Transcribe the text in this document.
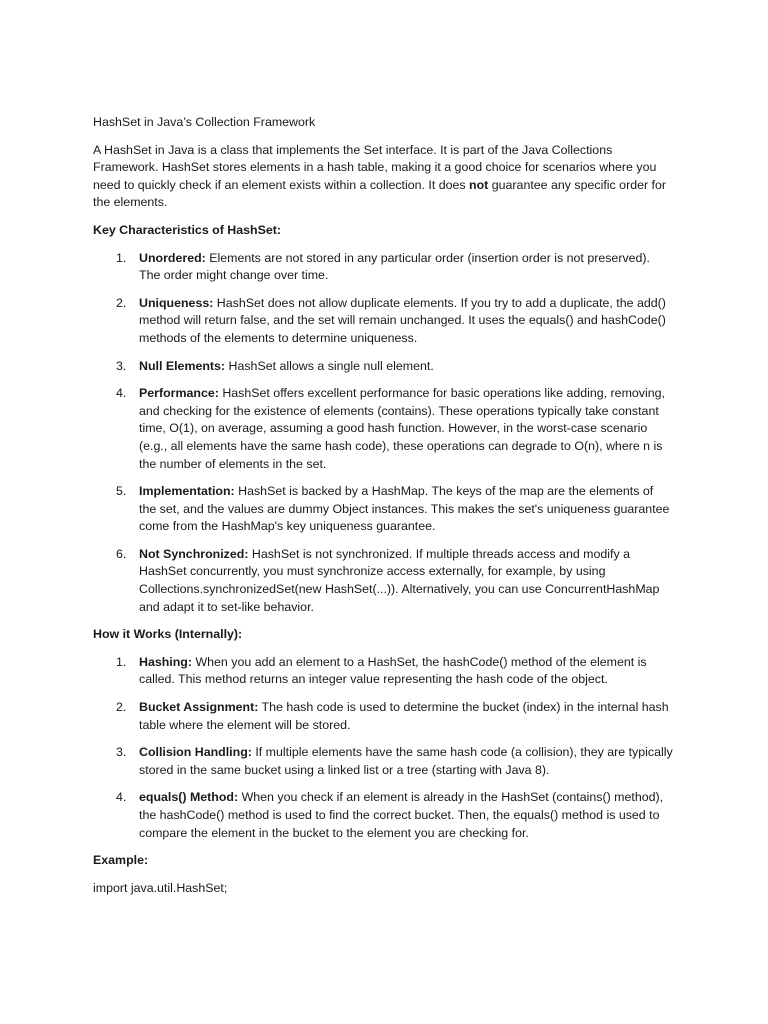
HashSet in Java’s Collection Framework

A HashSet in Java is a class that implements the Set interface. It is part of the Java Collections Framework. HashSet stores elements in a hash table, making it a good choice for scenarios where you need to quickly check if an element exists within a collection. It does not guarantee any specific order for the elements.

Key Characteristics of HashSet:

1. Unordered: Elements are not stored in any particular order (insertion order is not preserved). The order might change over time.
2. Uniqueness: HashSet does not allow duplicate elements. If you try to add a duplicate, the add() method will return false, and the set will remain unchanged. It uses the equals() and hashCode() methods of the elements to determine uniqueness.
3. Null Elements: HashSet allows a single null element.
4. Performance: HashSet offers excellent performance for basic operations like adding, removing, and checking for the existence of elements (contains). These operations typically take constant time, O(1), on average, assuming a good hash function. However, in the worst-case scenario (e.g., all elements have the same hash code), these operations can degrade to O(n), where n is the number of elements in the set.
5. Implementation: HashSet is backed by a HashMap. The keys of the map are the elements of the set, and the values are dummy Object instances. This makes the set's uniqueness guarantee come from the HashMap's key uniqueness guarantee.
6. Not Synchronized: HashSet is not synchronized. If multiple threads access and modify a HashSet concurrently, you must synchronize access externally, for example, by using Collections.synchronizedSet(new HashSet(...)). Alternatively, you can use ConcurrentHashMap and adapt it to set-like behavior.

How it Works (Internally):

1. Hashing: When you add an element to a HashSet, the hashCode() method of the element is called. This method returns an integer value representing the hash code of the object.
2. Bucket Assignment: The hash code is used to determine the bucket (index) in the internal hash table where the element will be stored.
3. Collision Handling: If multiple elements have the same hash code (a collision), they are typically stored in the same bucket using a linked list or a tree (starting with Java 8).
4. equals() Method: When you check if an element is already in the HashSet (contains() method), the hashCode() method is used to find the correct bucket. Then, the equals() method is used to compare the element in the bucket to the element you are checking for.

Example:

import java.util.HashSet;
